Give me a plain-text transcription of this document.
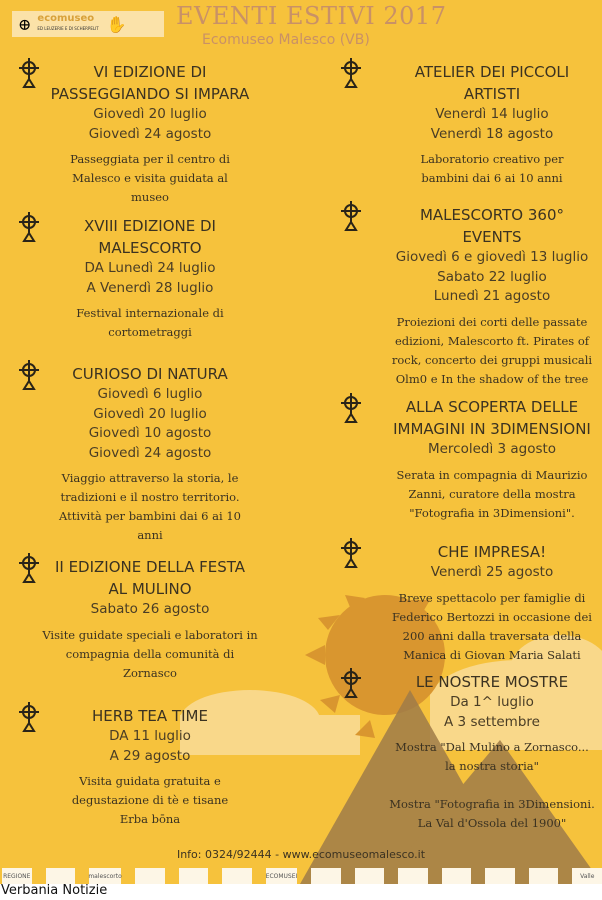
⊕ ecomuseo
ED LEUZERIE E DI SCHERPELIT ✋ EVENTI ESTIVI 2017
Ecomuseo Malesco (VB)
VI EDIZIONE DI
PASSEGGIANDO SI IMPARA
Giovedì 20 luglio
Giovedì 24 agosto
Passeggiata per il centro di
Malesco e visita guidata al
museo
XVIII EDIZIONE DI
MALESCORTO
DA Lunedì 24 luglio
A Venerdì 28 luglio
Festival internazionale di
cortometraggi
CURIOSO DI NATURA
Giovedì 6 luglio
Giovedì 20 luglio
Giovedì 10 agosto
Giovedì 24 agosto
Viaggio attraverso la storia, le
tradizioni e il nostro territorio.
Attività per bambini dai 6 ai 10
anni
II EDIZIONE DELLA FESTA
AL MULINO
Sabato 26 agosto
Visite guidate speciali e laboratori in
compagnia della comunità di
Zornasco
HERB TEA TIME
DA 11 luglio
A 29 agosto
Visita guidata gratuita e
degustazione di tè e tisane
Erba bōna
ATELIER DEI PICCOLI
ARTISTI
Venerdì 14 luglio
Venerdì 18 agosto
Laboratorio creativo per
bambini dai 6 ai 10 anni
MALESCORTO 360°
EVENTS
Giovedì 6 e giovedì 13 luglio
Sabato 22 luglio
Lunedì 21 agosto
Proiezioni dei corti delle passate
edizioni, Malescorto ft. Pirates of
rock, concerto dei gruppi musicali
Olm0 e In the shadow of the tree
ALLA SCOPERTA DELLE
IMMAGINI IN 3DIMENSIONI
Mercoledì 3 agosto
Serata in compagnia di Maurizio
Zanni, curatore della mostra
"Fotografia in 3Dimensioni".
CHE IMPRESA!
Venerdì 25 agosto
Breve spettacolo per famiglie di
Federico Bertozzi in occasione dei
200 anni dalla traversata della
Manica di Giovan Maria Salati
LE NOSTRE MOSTRE
Da 1^ luglio
A 3 settembre
Mostra "Dal Mulino a Zornasco...
la nostra storia"

Mostra "Fotografia in 3Dimensioni.
La Val d'Ossola del 1900"
Info: 0324/92444 - www.ecomuseomalesco.it
REGIONE	malescorto	ECOMUSEI	Valle
Verbania Notizie
